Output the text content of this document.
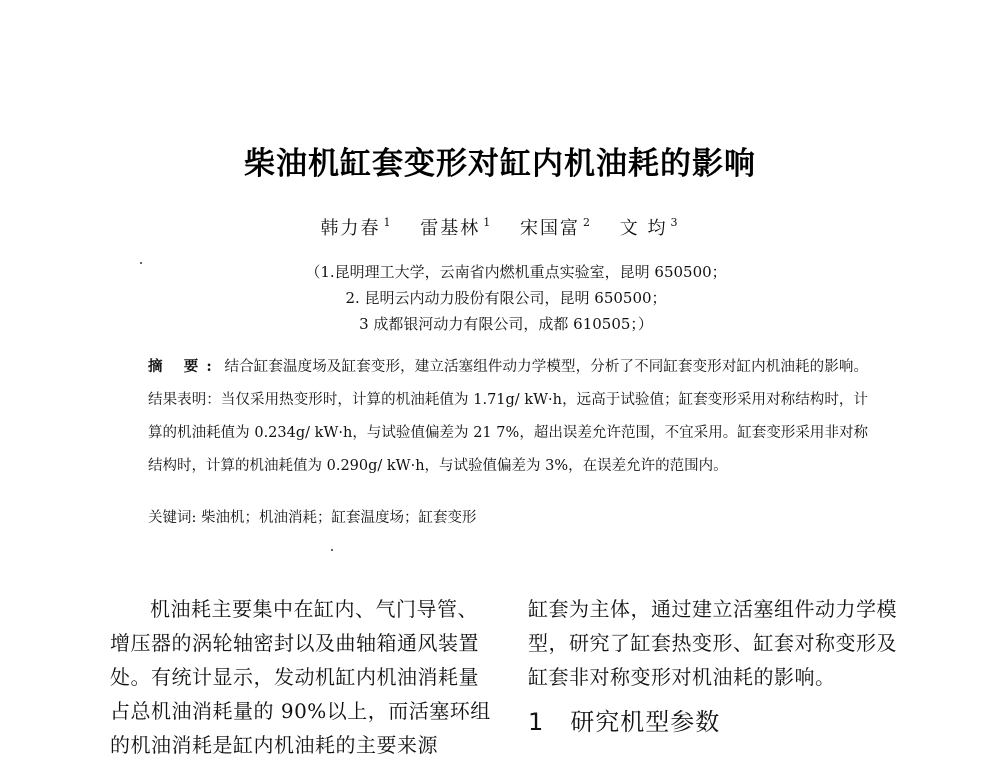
柴油机缸套变形对缸内机油耗的影响
韩力春 $^1$ 雷基林 $^1$ 宋国富 $^2$ 文 均 $^3$
（1.昆明理工大学，云南省内燃机重点实验室，昆明 650500；
2. 昆明云内动力股份有限公司，昆明 650500；
3 成都银河动力有限公司，成都 610505；）
摘 要: 结合缸套温度场及缸套变形，建立活塞组件动力学模型，分析了不同缸套变形对缸内机油耗的影响。结果表明：当仅采用热变形时，计算的机油耗值为 1.71g/ kW·h，远高于试验值；缸套变形采用对称结构时，计算的机油耗值为 0.234g/ kW·h，与试验值偏差为 21 7%，超出误差允许范围，不宜采用。缸套变形采用非对称结构时，计算的机油耗值为 0.290g/ kW·h，与试验值偏差为 3%，在误差允许的范围内。
关键词: 柴油机；机油消耗；缸套温度场；缸套变形
机油耗主要集中在缸内、气门导管、增压器的涡轮轴密封以及曲轴箱通风装置处。有统计显示，发动机缸内机油消耗量占总机油消耗量的 90%以上，而活塞环组的机油消耗是缸内机油耗的主要来源
缸套为主体，通过建立活塞组件动力学模型，研究了缸套热变形、缸套对称变形及缸套非对称变形对机油耗的影响。
1 研究机型参数
